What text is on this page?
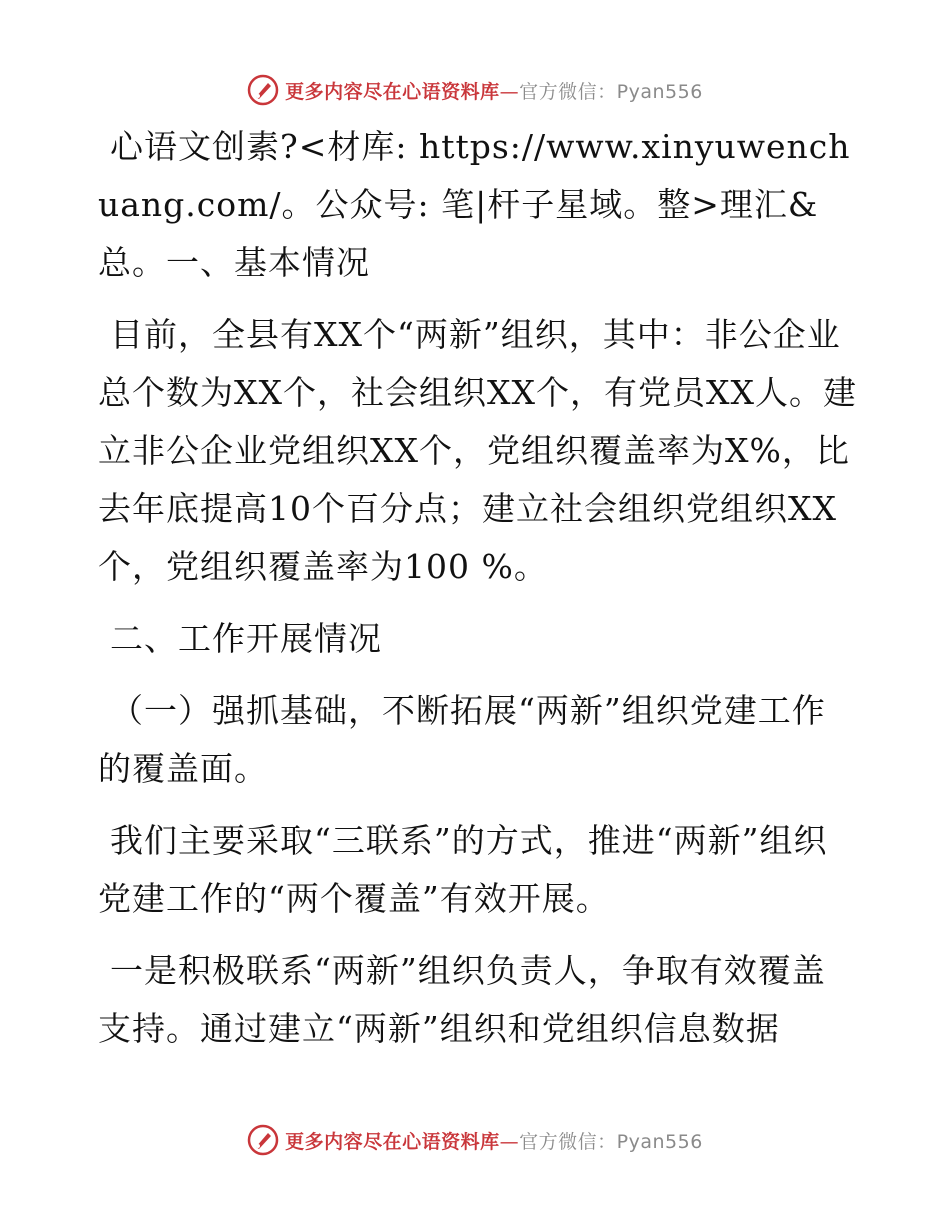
更多内容尽在心语资料库—官方微信：Pyan556

心语文创素?<材库: https://www.xinyuwenchuang.com/。公众号: 笔|杆子星域。整>理汇&总。一、基本情况

目前，全县有XX个“两新”组织，其中：非公企业总个数为XX个，社会组织XX个，有党员XX人。建立非公企业党组织XX个，党组织覆盖率为X%，比去年底提高10个百分点；建立社会组织党组织XX个，党组织覆盖率为100 %。

二、工作开展情况

（一）强抓基础，不断拓展“两新”组织党建工作的覆盖面。

我们主要采取“三联系”的方式，推进“两新”组织党建工作的“两个覆盖”有效开展。

一是积极联系“两新”组织负责人，争取有效覆盖支持。通过建立“两新”组织和党组织信息数据

更多内容尽在心语资料库—官方微信：Pyan556
